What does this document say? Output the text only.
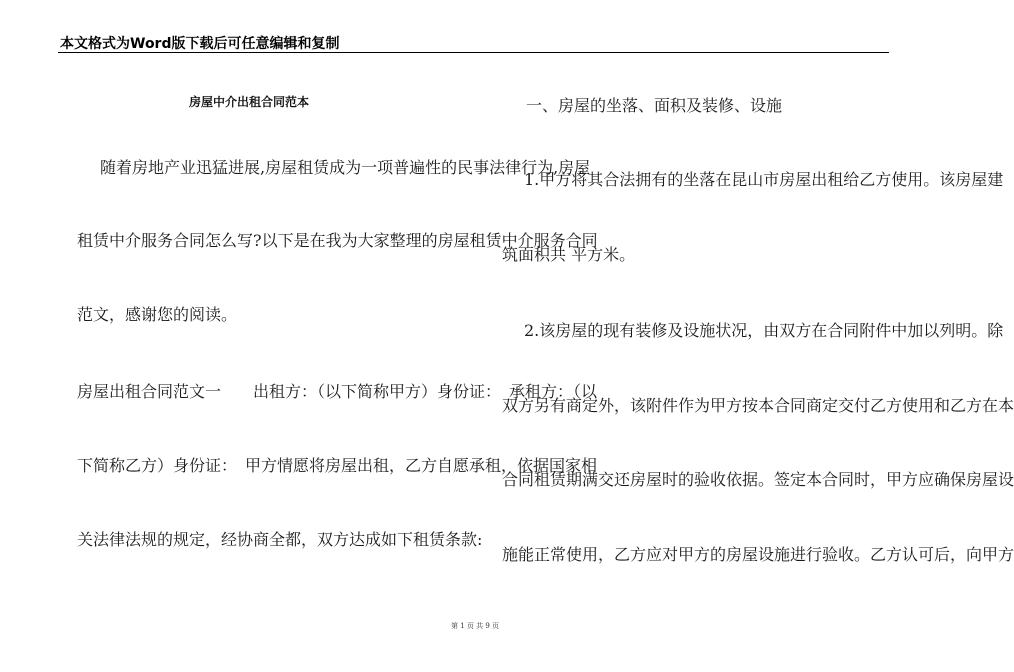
本文格式为Word版下载后可任意编辑和复制
房屋中介出租合同范本
随着房地产业迅猛进展,房屋租赁成为一项普遍性的民事法律行为,房屋
租赁中介服务合同怎么写?以下是在我为大家整理的房屋租赁中介服务合同
范文，感谢您的阅读。
房屋出租合同范文一　　出租方：（以下简称甲方）身份证：　承租方：（以
下简称乙方）身份证：　甲方情愿将房屋出租，乙方自愿承租，依据国家相
关法律法规的规定，经协商全都，双方达成如下租赁条款:
一、房屋的坐落、面积及装修、设施
1.甲方将其合法拥有的坐落在昆山市房屋出租给乙方使用。该房屋建
筑面积共 平方米。
2.该房屋的现有装修及设施状况，由双方在合同附件中加以列明。除
双方另有商定外，该附件作为甲方按本合同商定交付乙方使用和乙方在本
合同租赁期满交还房屋时的验收依据。签定本合同时，甲方应确保房屋设
施能正常使用，乙方应对甲方的房屋设施进行验收。乙方认可后，向甲方
第 1 页 共 9 页
